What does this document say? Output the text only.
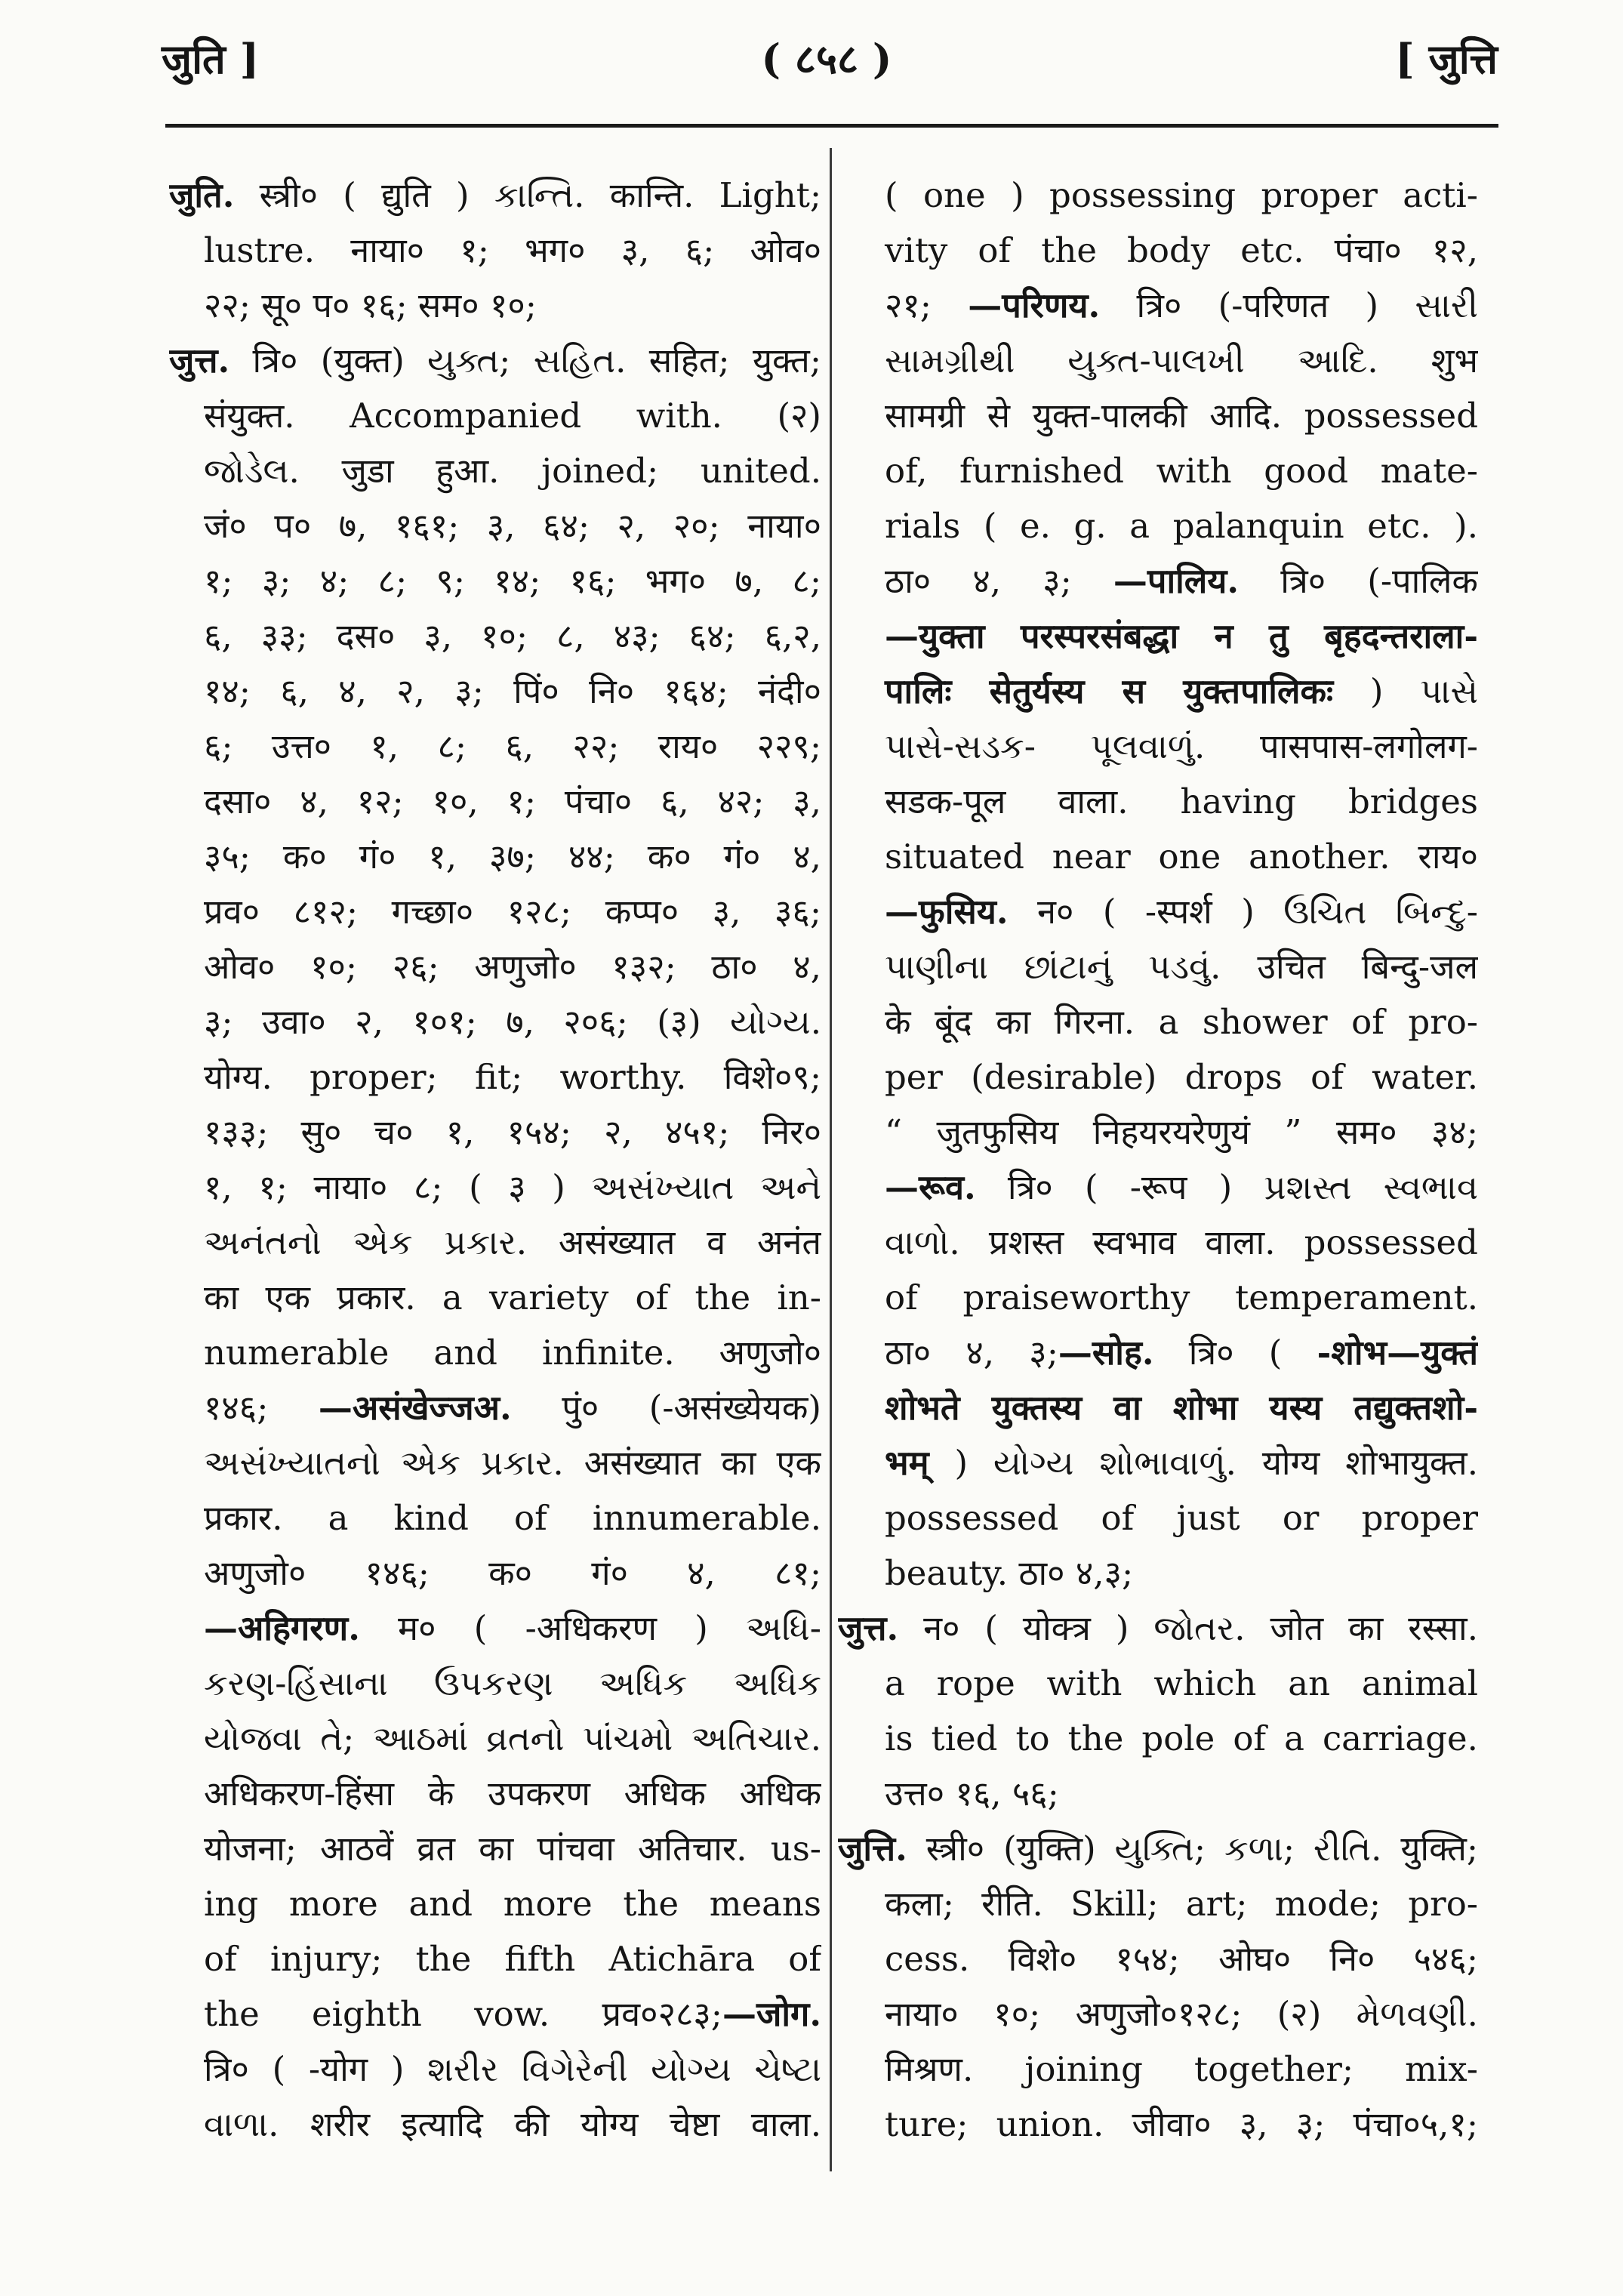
जुति ]	( ८५८ )	[ जुत्ति
जुति. स्त्री० ( द्युति ) કાન્તિ. कान्ति. Light;
lustre. नाया० १; भग० ३, ६; ओव०
२२; सू० प० १६; सम० १०;
जुत्त. त्रि० (युक्त) યુક્ત; સહિત. सहित; युक्त;
संयुक्त. Accompanied with. (२)
જોડેલ. जुडा हुआ. joined; united.
जं० प० ७, १६१; ३, ६४; २, २०; नाया०
१; ३; ४; ८; ९; १४; १६; भग० ७, ८;
६, ३३; दस० ३, १०; ८, ४३; ६४; ६,२,
१४; ६, ४, २, ३; पिं० नि० १६४; नंदी०
६; उत्त० १, ८; ६, २२; राय० २२९;
दसा० ४, १२; १०, १; पंचा० ६, ४२; ३,
३५; क० गं० १, ३७; ४४; क० गं० ४,
प्रव० ८१२; गच्छा० १२८; कप्प० ३, ३६;
ओव० १०; २६; अणुजो० १३२; ठा० ४,
३; उवा० २, १०१; ७, २०६; (३) યોગ્ય.
योग्य. proper; fit; worthy. विशे०९;
१३३; सु० च० १, १५४; २, ४५१; निर०
१, १; नाया० ८; ( ३ ) અસંખ્યાત અને
અનંતનો એક પ્રકાર. असंख्यात व अनंत
का एक प्रकार. a variety of the in-
numerable and infinite. अणुजो०
१४६; —असंखेज्जअ. पुं० (-असंख्येयक)
અસંખ્યાતનો એક પ્રકાર. असंख्यात का एक
प्रकार. a kind of innumerable.
अणुजो० १४६; क० गं० ४, ८१;
—अहिगरण. म० ( -अधिकरण ) અધિ-
કરણ-હિંસાના ઉપકરણ અધિક અધિક
યોજવા તે; આઠમાં વ્રતનો પાંચમો અતિચાર.
अधिकरण-हिंसा के उपकरण अधिक अधिक
योजना; आठवें व्रत का पांचवा अतिचार. us-
ing more and more the means
of injury; the fifth Atichāra of
the eighth vow. प्रव०२८३;—जोग.
त्रि० ( -योग ) શરીર વિગેરેની યોગ્ય ચેષ્ટા
વાળા. शरीर इत्यादि की योग्य चेष्टा वाला.
( one ) possessing proper acti-
vity of the body etc. पंचा० १२,
२१; —परिणय. त्रि० (-परिणत ) સારી
સામગ્રીથી યુક્ત-પાલખી આદિ. शुभ
सामग्री से युक्त-पालकी आदि. possessed
of, furnished with good mate-
rials ( e. g. a palanquin etc. ).
ठा० ४, ३; —पालिय. त्रि० (-पालिक
—युक्ता परस्परसंबद्धा न तु बृहदन्तराला-
पालिः सेतुर्यस्य स युक्तपालिकः ) પાસે
પાસે-સડક- પૂલવાળું. पासपास-लगोलग-
सडक-पूल वाला. having bridges
situated near one another. राय०
—फुसिय. न० ( -स्पर्श ) ઉચિત બિન્દુ-
પાણીના છાંટાનું પડવું. उचित बिन्दु-जल
के बूंद का गिरना. a shower of pro-
per (desirable) drops of water.
“ जुतफुसिय निहयरयरेणुयं ” सम० ३४;
—रूव. त्रि० ( -रूप ) પ્રશસ્ત સ્વભાવ
વાળો. प्रशस्त स्वभाव वाला. possessed
of praiseworthy temperament.
ठा० ४, ३;—सोह. त्रि० ( -शोभ—युक्तं
शोभते युक्तस्य वा शोभा यस्य तद्युक्तशो-
भम् ) યોગ્ય શોભાવાળું. योग्य शोभायुक्त.
possessed of just or proper
beauty. ठा० ४,३;
जुत्त. न० ( योक्त्र ) જોતર. जोत का रस्सा.
a rope with which an animal
is tied to the pole of a carriage.
उत्त० १६, ५६;
जुत्ति. स्त्री० (युक्ति) યુક્તિ; કળા; રીતિ. युक्ति;
कला; रीति. Skill; art; mode; pro-
cess. विशे० १५४; ओघ० नि० ५४६;
नाया० १०; अणुजो०१२८; (२) મેળવણી.
मिश्रण. joining together; mix-
ture; union. जीवा० ३, ३; पंचा०५,१;
